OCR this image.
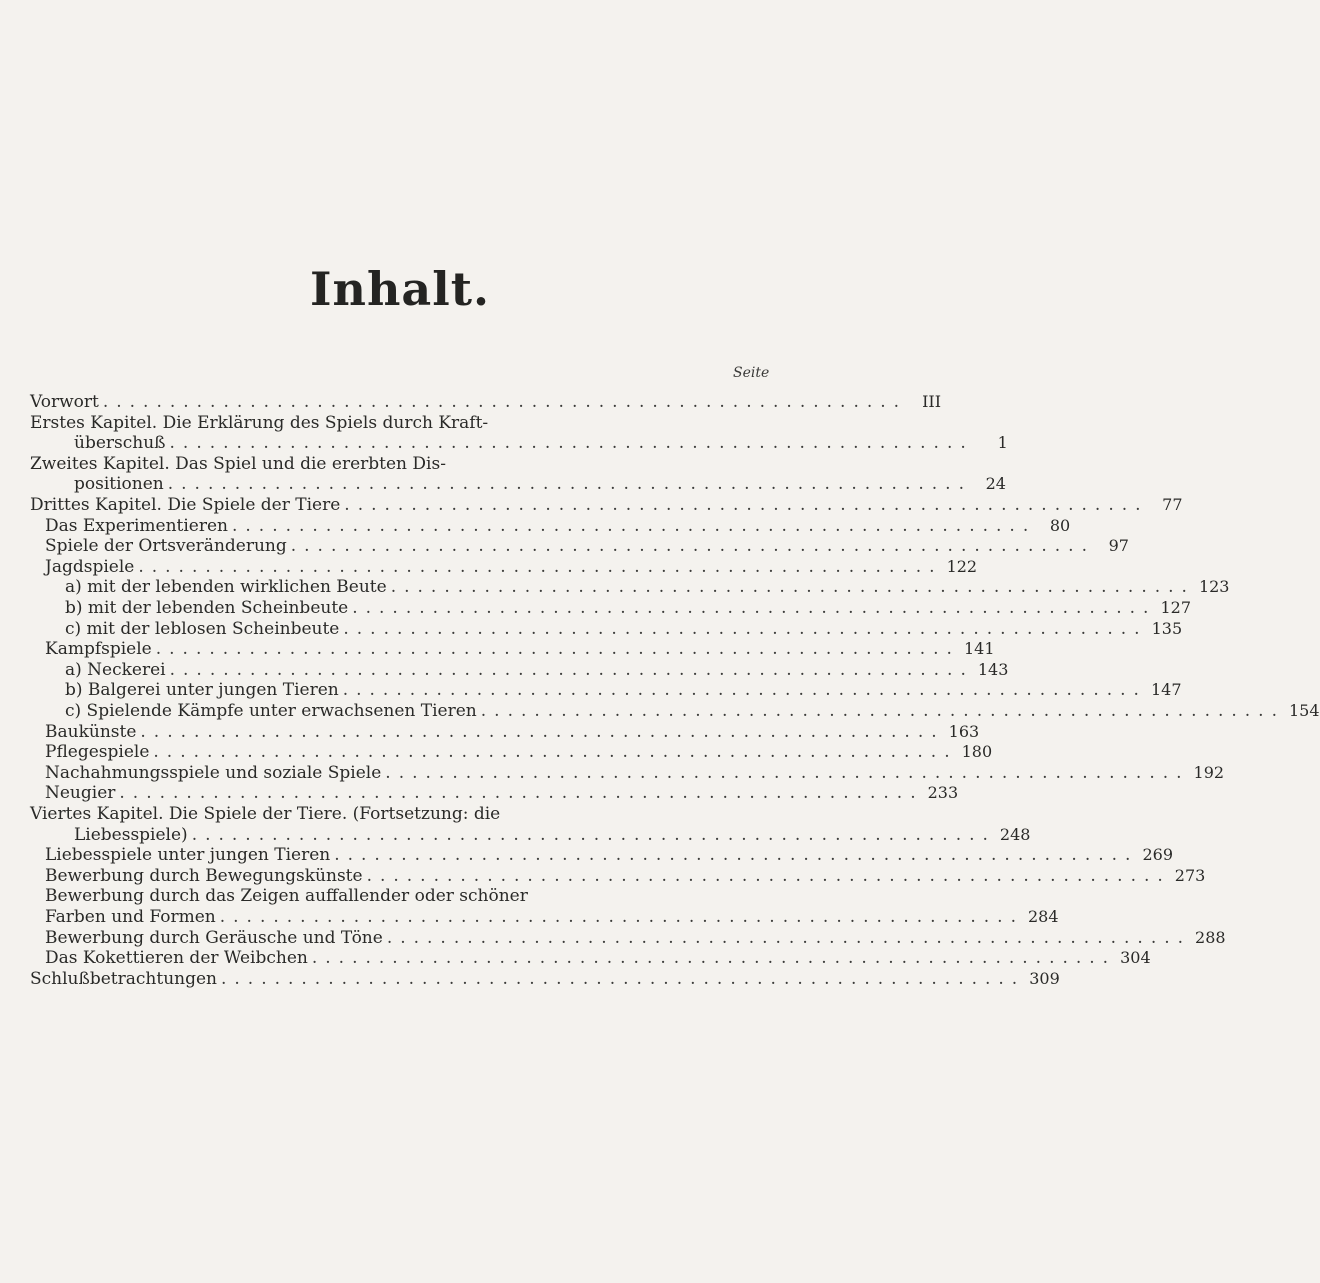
Inhalt.
Seite
Vorwort ............................................................ III
Erstes Kapitel. Die Erklärung des Spiels durch Kraft-
überschuß ............................................................	1
Zweites Kapitel. Das Spiel und die ererbten Dis-
positionen ............................................................ 24
Drittes Kapitel. Die Spiele der Tiere ............................................................ 77
Das Experimentieren ............................................................ 80
Spiele der Ortsveränderung ............................................................ 97
Jagdspiele ............................................................ 122
a) mit der lebenden wirklichen Beute ............................................................ 123
b) mit der lebenden Scheinbeute ............................................................ 127
c) mit der leblosen Scheinbeute ............................................................ 135
Kampfspiele ............................................................ 141
a) Neckerei ............................................................ 143
b) Balgerei unter jungen Tieren ............................................................ 147
c) Spielende Kämpfe unter erwachsenen Tieren ............................................................ 154
Baukünste ............................................................ 163
Pflegespiele ............................................................ 180
Nachahmungsspiele und soziale Spiele ............................................................ 192
Neugier ............................................................ 233
Viertes Kapitel. Die Spiele der Tiere. (Fortsetzung: die
Liebesspiele) ............................................................ 248
Liebesspiele unter jungen Tieren ............................................................ 269
Bewerbung durch Bewegungskünste ............................................................ 273
Bewerbung durch das Zeigen auffallender oder schöner
Farben und Formen ............................................................ 284
Bewerbung durch Geräusche und Töne ............................................................ 288
Das Kokettieren der Weibchen ............................................................ 304
Schlußbetrachtungen ............................................................ 309
